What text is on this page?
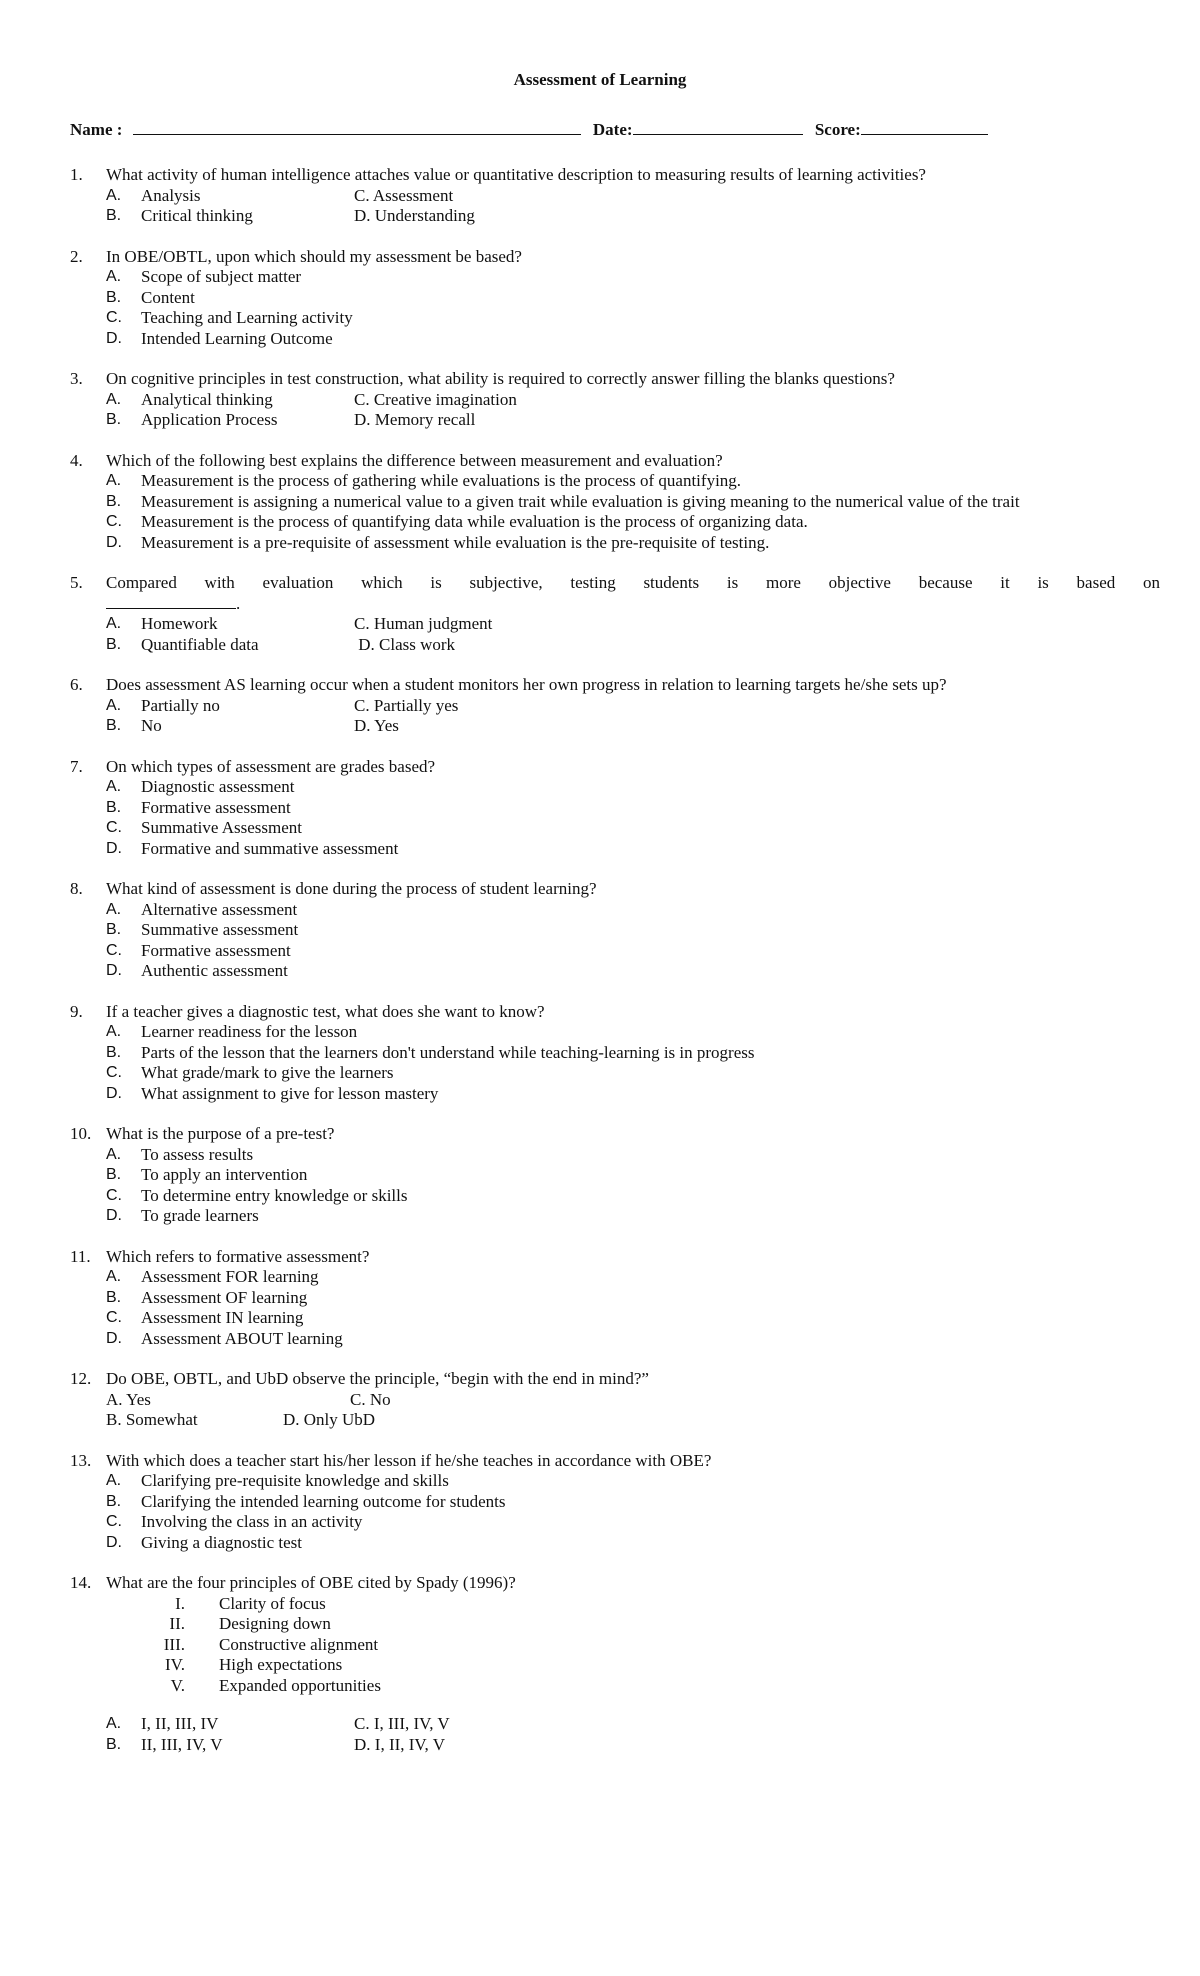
Assessment of Learning
Name :	Date:	Score:
1.	What activity of human intelligence attaches value or quantitative description to measuring results of learning activities?
A.	Analysis	C. Assessment
B.	Critical thinking	D. Understanding
2.	In OBE/OBTL, upon which should my assessment be based?
A.	Scope of subject matter
B.	Content
C.	Teaching and Learning activity
D.	Intended Learning Outcome
3.	On cognitive principles in test construction, what ability is required to correctly answer filling the blanks questions?
A.	Analytical thinking	C. Creative imagination
B.	Application Process	D. Memory recall
4.	Which of the following best explains the difference between measurement and evaluation?
A.	Measurement is the process of gathering while evaluations is the process of quantifying.
B.	Measurement is assigning a numerical value to a given trait while evaluation is giving meaning to the numerical value of the trait
C.	Measurement is the process of quantifying data while evaluation is the process of organizing data.
D.	Measurement is a pre-requisite of assessment while evaluation is the pre-requisite of testing.
5.	Compared with evaluation which is subjective, testing students is more objective because it is based on
.
A.	Homework	C. Human judgment
B.	Quantifiable data	D. Class work
6.	Does assessment AS learning occur when a student monitors her own progress in relation to learning targets he/she sets up?
A.	Partially no	C. Partially yes
B.	No	D. Yes
7.	On which types of assessment are grades based?
A.	Diagnostic assessment
B.	Formative assessment
C.	Summative Assessment
D.	Formative and summative assessment
8.	What kind of assessment is done during the process of student learning?
A.	Alternative assessment
B.	Summative assessment
C.	Formative assessment
D.	Authentic assessment
9.	If a teacher gives a diagnostic test, what does she want to know?
A.	Learner readiness for the lesson
B.	Parts of the lesson that the learners don't understand while teaching-learning is in progress
C.	What grade/mark to give the learners
D.	What assignment to give for lesson mastery
10. What is the purpose of a pre-test?
A.	To assess results
B.	To apply an intervention
C.	To determine entry knowledge or skills
D.	To grade learners
11. Which refers to formative assessment?
A.	Assessment FOR learning
B.	Assessment OF learning
C.	Assessment IN learning
D.	Assessment ABOUT learning
12. Do OBE, OBTL, and UbD observe the principle, “begin with the end in mind?”
A. Yes	C. No
B. Somewhat	D. Only UbD
13. With which does a teacher start his/her lesson if he/she teaches in accordance with OBE?
A.	Clarifying pre-requisite knowledge and skills
B.	Clarifying the intended learning outcome for students
C.	Involving the class in an activity
D.	Giving a diagnostic test
14. What are the four principles of OBE cited by Spady (1996)?
I. Clarity of focus
II. Designing down
III. Constructive alignment
IV. High expectations
V. Expanded opportunities
A.	I, II, III, IV	C. I, III, IV, V
B.	II, III, IV, V	D. I, II, IV, V
